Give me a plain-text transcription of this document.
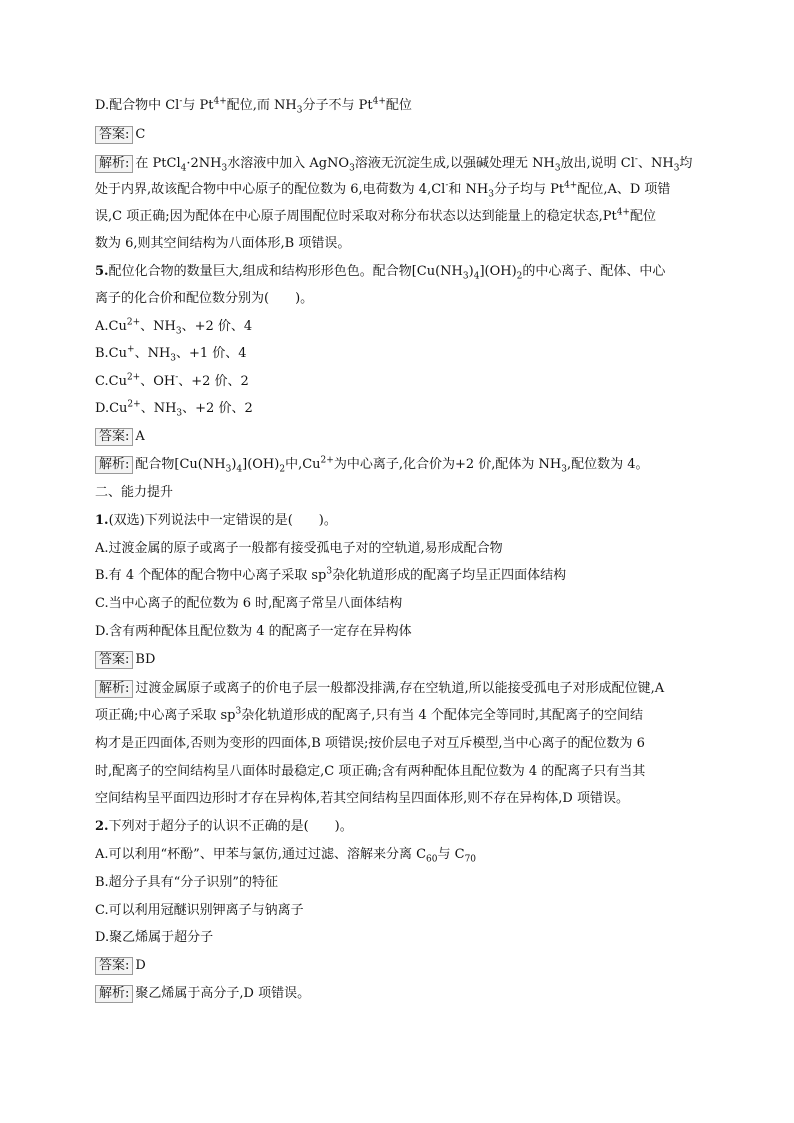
D.配合物中 Cl-与 $Pt^{4+}$配位,而 $NH_3$分子不与 $Pt^{4+}$配位
答案: C
解析: 在 $PtCl_4\cdot 2NH_3$水溶液中加入 AgNO$_3$溶液无沉淀生成,以强碱处理无 $NH_3$放出,说明 Cl-、$NH_3$均
处于内界,故该配合物中中心原子的配位数为 6,电荷数为 4,Cl-和 $NH_3$分子均与 $Pt^{4+}$配位,A、D 项错
误,C 项正确;因为配体在中心原子周围配位时采取对称分布状态以达到能量上的稳定状态$,Pt^{4+}$配位
数为 6,则其空间结构为八面体形,B 项错误。
5.配位化合物的数量巨大,组成和结构形形色色。配合物$[Cu(NH_3)_4](OH)_2$的中心离子、配体、中心
离子的化合价和配位数分别为(　　)。
$A.Cu^{2+}$、$NH_3$、+2 价、4
B.Cu+、$NH_3$、+1 价、4
$C.Cu^{2+}$、OH-、+2 价、2
$D.Cu^{2+}$、$NH_3$、+2 价、2
答案: A
解析: 配合物$[Cu(NH_3)_4](OH)_2$中$,Cu^{2+}$为中心离子,化合价为+2 价,配体为 $NH_3$,配位数为 4。
二、能力提升
1.(双选)下列说法中一定错误的是(　　)。
A.过渡金属的原子或离子一般都有接受孤电子对的空轨道,易形成配合物
B.有 4 个配体的配合物中心离子采取 $sp^3$杂化轨道形成的配离子均呈正四面体结构
C.当中心离子的配位数为 6 时,配离子常呈八面体结构
D.含有两种配体且配位数为 4 的配离子一定存在异构体
答案: BD
解析: 过渡金属原子或离子的价电子层一般都没排满,存在空轨道,所以能接受孤电子对形成配位键,A
项正确;中心离子采取 $sp^3$杂化轨道形成的配离子,只有当 4 个配体完全等同时,其配离子的空间结
构才是正四面体,否则为变形的四面体,B 项错误;按价层电子对互斥模型,当中心离子的配位数为 6
时,配离子的空间结构呈八面体时最稳定,C 项正确;含有两种配体且配位数为 4 的配离子只有当其
空间结构呈平面四边形时才存在异构体,若其空间结构呈四面体形,则不存在异构体,D 项错误。
2.下列对于超分子的认识不正确的是(　　)。
A.可以利用“杯酚”、甲苯与氯仿,通过过滤、溶解来分离 $C_{60}$与 $C_{70}$
B.超分子具有“分子识别”的特征
C.可以利用冠醚识别钾离子与钠离子
D.聚乙烯属于超分子
答案: D
解析: 聚乙烯属于高分子,D 项错误。
